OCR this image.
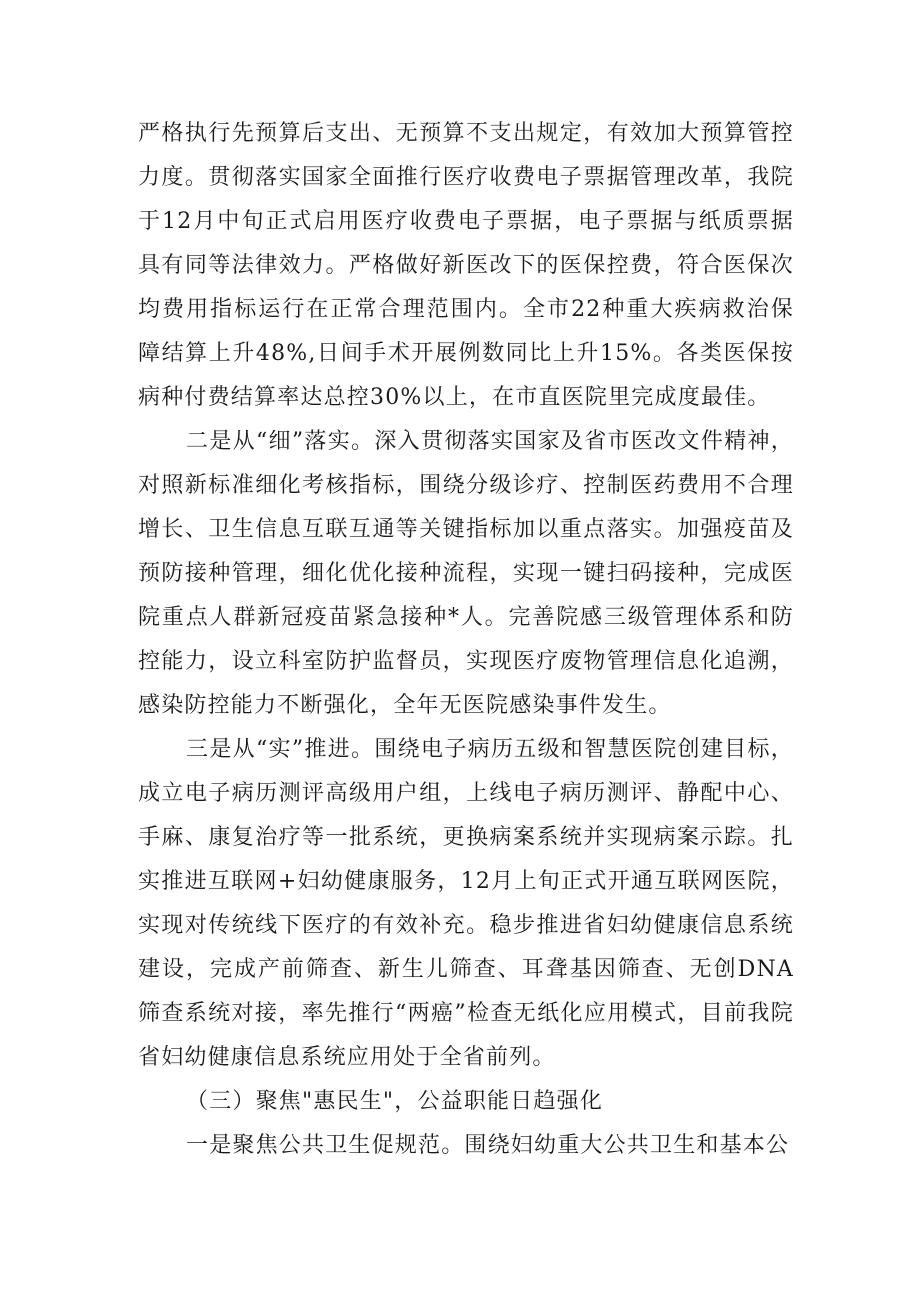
严格执行先预算后支出、无预算不支出规定，有效加大预算管控力度。贯彻落实国家全面推行医疗收费电子票据管理改革，我院于12月中旬正式启用医疗收费电子票据，电子票据与纸质票据具有同等法律效力。严格做好新医改下的医保控费，符合医保次均费用指标运行在正常合理范围内。全市22种重大疾病救治保障结算上升48%,日间手术开展例数同比上升15%。各类医保按病种付费结算率达总控30%以上，在市直医院里完成度最佳。

二是从“细”落实。深入贯彻落实国家及省市医改文件精神，对照新标准细化考核指标，围绕分级诊疗、控制医药费用不合理增长、卫生信息互联互通等关键指标加以重点落实。加强疫苗及预防接种管理，细化优化接种流程，实现一键扫码接种，完成医院重点人群新冠疫苗紧急接种*人。完善院感三级管理体系和防控能力，设立科室防护监督员，实现医疗废物管理信息化追溯，感染防控能力不断强化，全年无医院感染事件发生。

三是从“实”推进。围绕电子病历五级和智慧医院创建目标，成立电子病历测评高级用户组，上线电子病历测评、静配中心、手麻、康复治疗等一批系统，更换病案系统并实现病案示踪。扎实推进互联网+妇幼健康服务，12月上旬正式开通互联网医院，实现对传统线下医疗的有效补充。稳步推进省妇幼健康信息系统建设，完成产前筛查、新生儿筛查、耳聋基因筛查、无创DNA筛查系统对接，率先推行“两癌”检查无纸化应用模式，目前我院省妇幼健康信息系统应用处于全省前列。

（三）聚焦"惠民生"，公益职能日趋强化

一是聚焦公共卫生促规范。围绕妇幼重大公共卫生和基本公
